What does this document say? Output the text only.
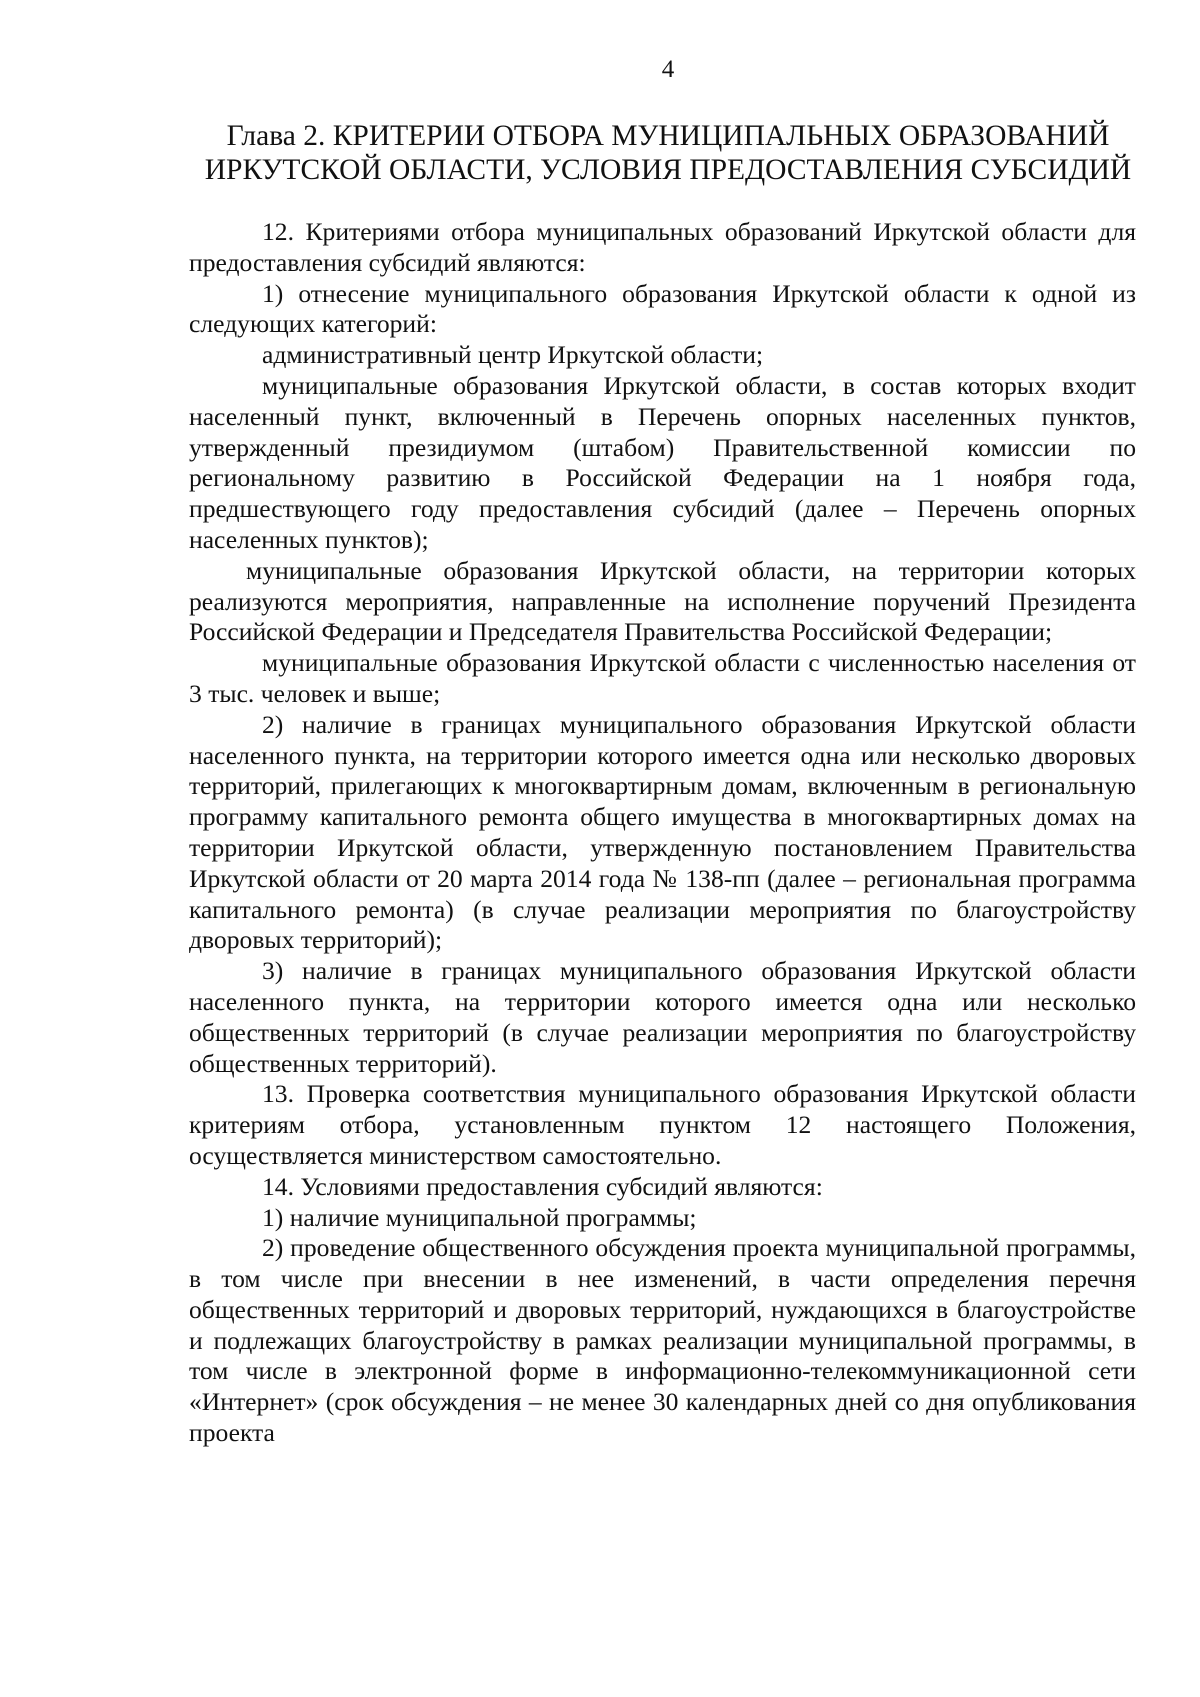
4
Глава 2. КРИТЕРИИ ОТБОРА МУНИЦИПАЛЬНЫХ ОБРАЗОВАНИЙ
ИРКУТСКОЙ ОБЛАСТИ, УСЛОВИЯ ПРЕДОСТАВЛЕНИЯ СУБСИДИЙ

12. Критериями отбора муниципальных образований Иркутской области для предоставления субсидий являются:

1) отнесение муниципального образования Иркутской области к одной из следующих категорий:

административный центр Иркутской области;

муниципальные образования Иркутской области, в состав которых входит населенный пункт, включенный в Перечень опорных населенных пунктов, утвержденный президиумом (штабом) Правительственной комиссии по региональному развитию в Российской Федерации на 1 ноября года, предшествующего году предоставления субсидий (далее – Перечень опорных населенных пунктов);

муниципальные образования Иркутской области, на территории которых реализуются мероприятия, направленные на исполнение поручений Президента Российской Федерации и Председателя Правительства Российской Федерации;

муниципальные образования Иркутской области с численностью населения от 3 тыс. человек и выше;

2) наличие в границах муниципального образования Иркутской области населенного пункта, на территории которого имеется одна или несколько дворовых территорий, прилегающих к многоквартирным домам, включенным в региональную программу капитального ремонта общего имущества в многоквартирных домах на территории Иркутской области, утвержденную постановлением Правительства Иркутской области от 20 марта 2014 года № 138-пп (далее – региональная программа капитального ремонта) (в случае реализации мероприятия по благоустройству дворовых территорий);

3) наличие в границах муниципального образования Иркутской области населенного пункта, на территории которого имеется одна или несколько общественных территорий (в случае реализации мероприятия по благоустройству общественных территорий).

13. Проверка соответствия муниципального образования Иркутской области критериям отбора, установленным пунктом 12 настоящего Положения, осуществляется министерством самостоятельно.

14. Условиями предоставления субсидий являются:

1) наличие муниципальной программы;

2) проведение общественного обсуждения проекта муниципальной программы, в том числе при внесении в нее изменений, в части определения перечня общественных территорий и дворовых территорий, нуждающихся в благоустройстве и подлежащих благоустройству в рамках реализации муниципальной программы, в том числе в электронной форме в информационно-телекоммуникационной сети «Интернет» (срок обсуждения – не менее 30 календарных дней со дня опубликования проекта
